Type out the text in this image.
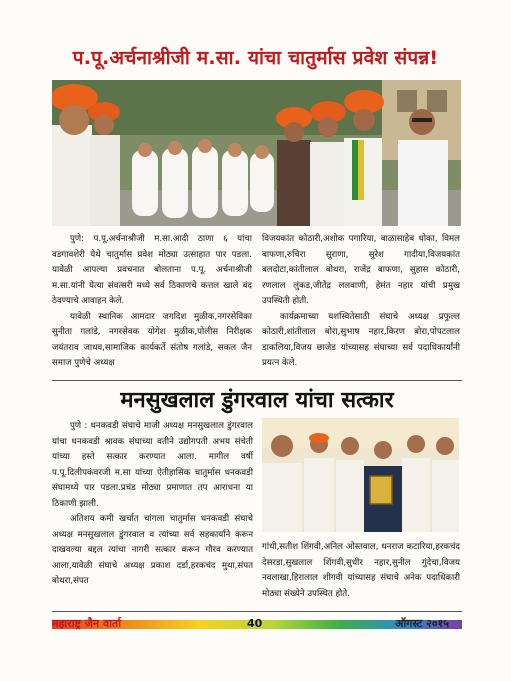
प.पू.अर्चनाश्रीजी म.सा. यांचा चातुर्मास प्रवेश संपन्न!

पुणे: प.पू.अर्चनाश्रीजी म.सा.आदी ठाणा ६ यांचा वडगावशेरी येथे चातुर्मास प्रवेश मोठ्या उत्साहात पार पडला. यावेळी आपल्या प्रवचनात बोलताना प.पू. अर्चनाश्रीजी म.सा.यांनी येत्या संवत्सरी मध्ये सर्व ठिकाणचे कत्तल खाले बंद ठेवण्याचे आवाहन केले.

यावेळी स्थानिक आमदार जगदिश मुळीक,नगरसेविका सुनीता गलांडे, नगरसेवक योगेश मुळीक,पोलीस निरीक्षक जयंतराव जाधव,सामाजिक कार्यकर्ते संतोष गलांडे, सकल जैन समाज पुणेचे अध्यक्ष

विजयकांत कोठारी,अशोक पगारिया, बाळासाहेब धोका, विमल बाफणा,रुचिरा सुराणा, सुरेश गादीया,विजयकांत बलदोटा,कांतीलाल बोथरा, राजेंद्र बाफणा, सुहास कोठारी, रणलाल लुंकड,जीतेंद्र ललवाणी, हेमंत नहार यांची प्रमुख उपस्थिती होती.

कार्यक्रमाच्या यशस्वितेसाठी संघाचे अध्यक्ष प्रफुल्ल कोठारी,शांतीलाल बोरा,सुभाष नहार,किरण बोरा,पोपटलाल डाकलिया,विजय छाजेड यांच्यासह संघाच्या सर्व पदाधिकार्यांनी प्रयत्न केले.

मनसुखलाल डुंगरवाल यांचा सत्कार

पुणे : धनकवडी संघाचे माजी अध्यक्ष मनसुखलाल डुंगरवाल यांचा धनकवडी श्रावक संघाच्या वतीने उद्योगपती अभय संचेती यांच्या हस्ते सत्कार करण्यात आला. मागील वर्षी प.पू.दिलीपकंवरजी म.सा यांच्या ऐतीहासिक चातुर्मास धनकवडी संघामध्ये पार पडला.प्रचंड मोठ्या प्रमाणात तप आराधना या ठिकाणी झाली.

अतिशय कमी खर्चात चांगला चातुर्मास धनकवडी संघाचे अध्यक्ष मनसुखलाल डुंगरवाल व त्यांच्या सर्व सहकार्यांने करून दाखवल्या बद्दल त्यांचा नागरी सत्कार करून गौरव करण्यात आला,यावेळी संघाचे अध्यक्ष प्रकाश दर्डा,हरकचंद मुथा,संपत बोथरा,संपत

गांधी,सतीश शिंगवी,अनिल ओस्तवाल, धनराज कटारिया,हरकचंद देसरडा,सुखलाल शिंगवी,सुधीर नहार,सुनील गुंदेचा,विजय नवलाखा,हिरालाल शीगवी यांच्यासह संघाचे अनेक पदाधिकारी मोठ्या संख्येने उपस्थित होते.

महाराष्ट्र जैन वार्ता	40	ऑगस्ट २०१५
